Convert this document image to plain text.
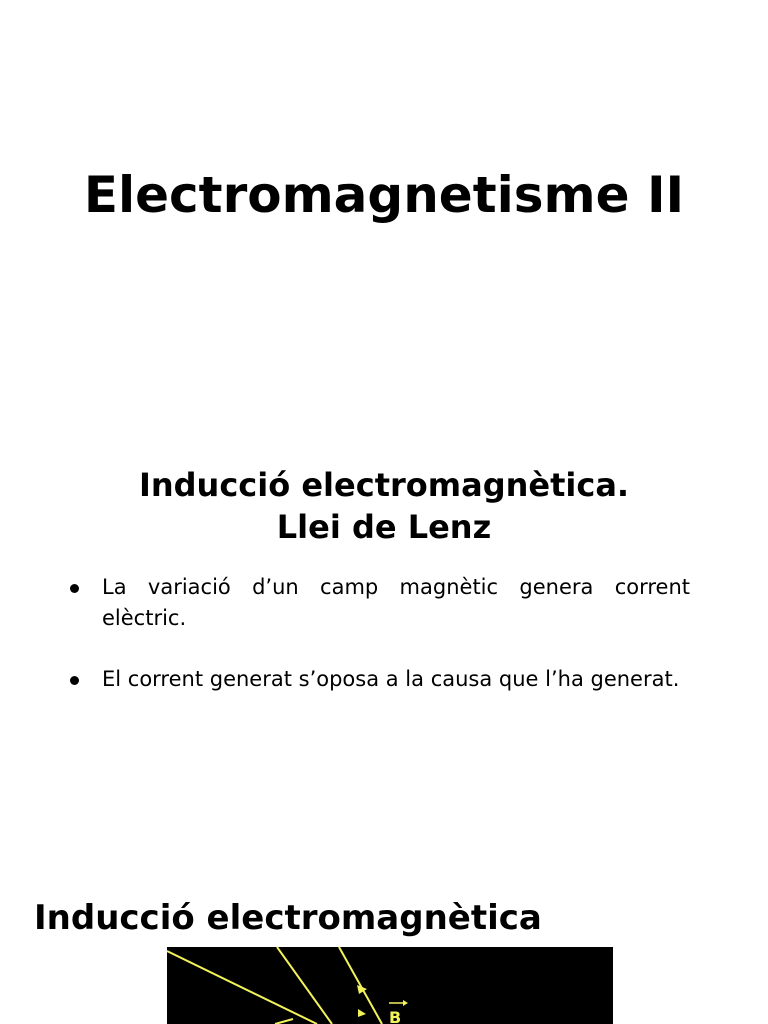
Electromagnetisme II
Inducció electromagnètica.
Llei de Lenz
La variació d’un camp magnètic genera corrent elèctric.
El corrent generat s’oposa a la causa que l’ha generat.
Inducció electromagnètica
B
